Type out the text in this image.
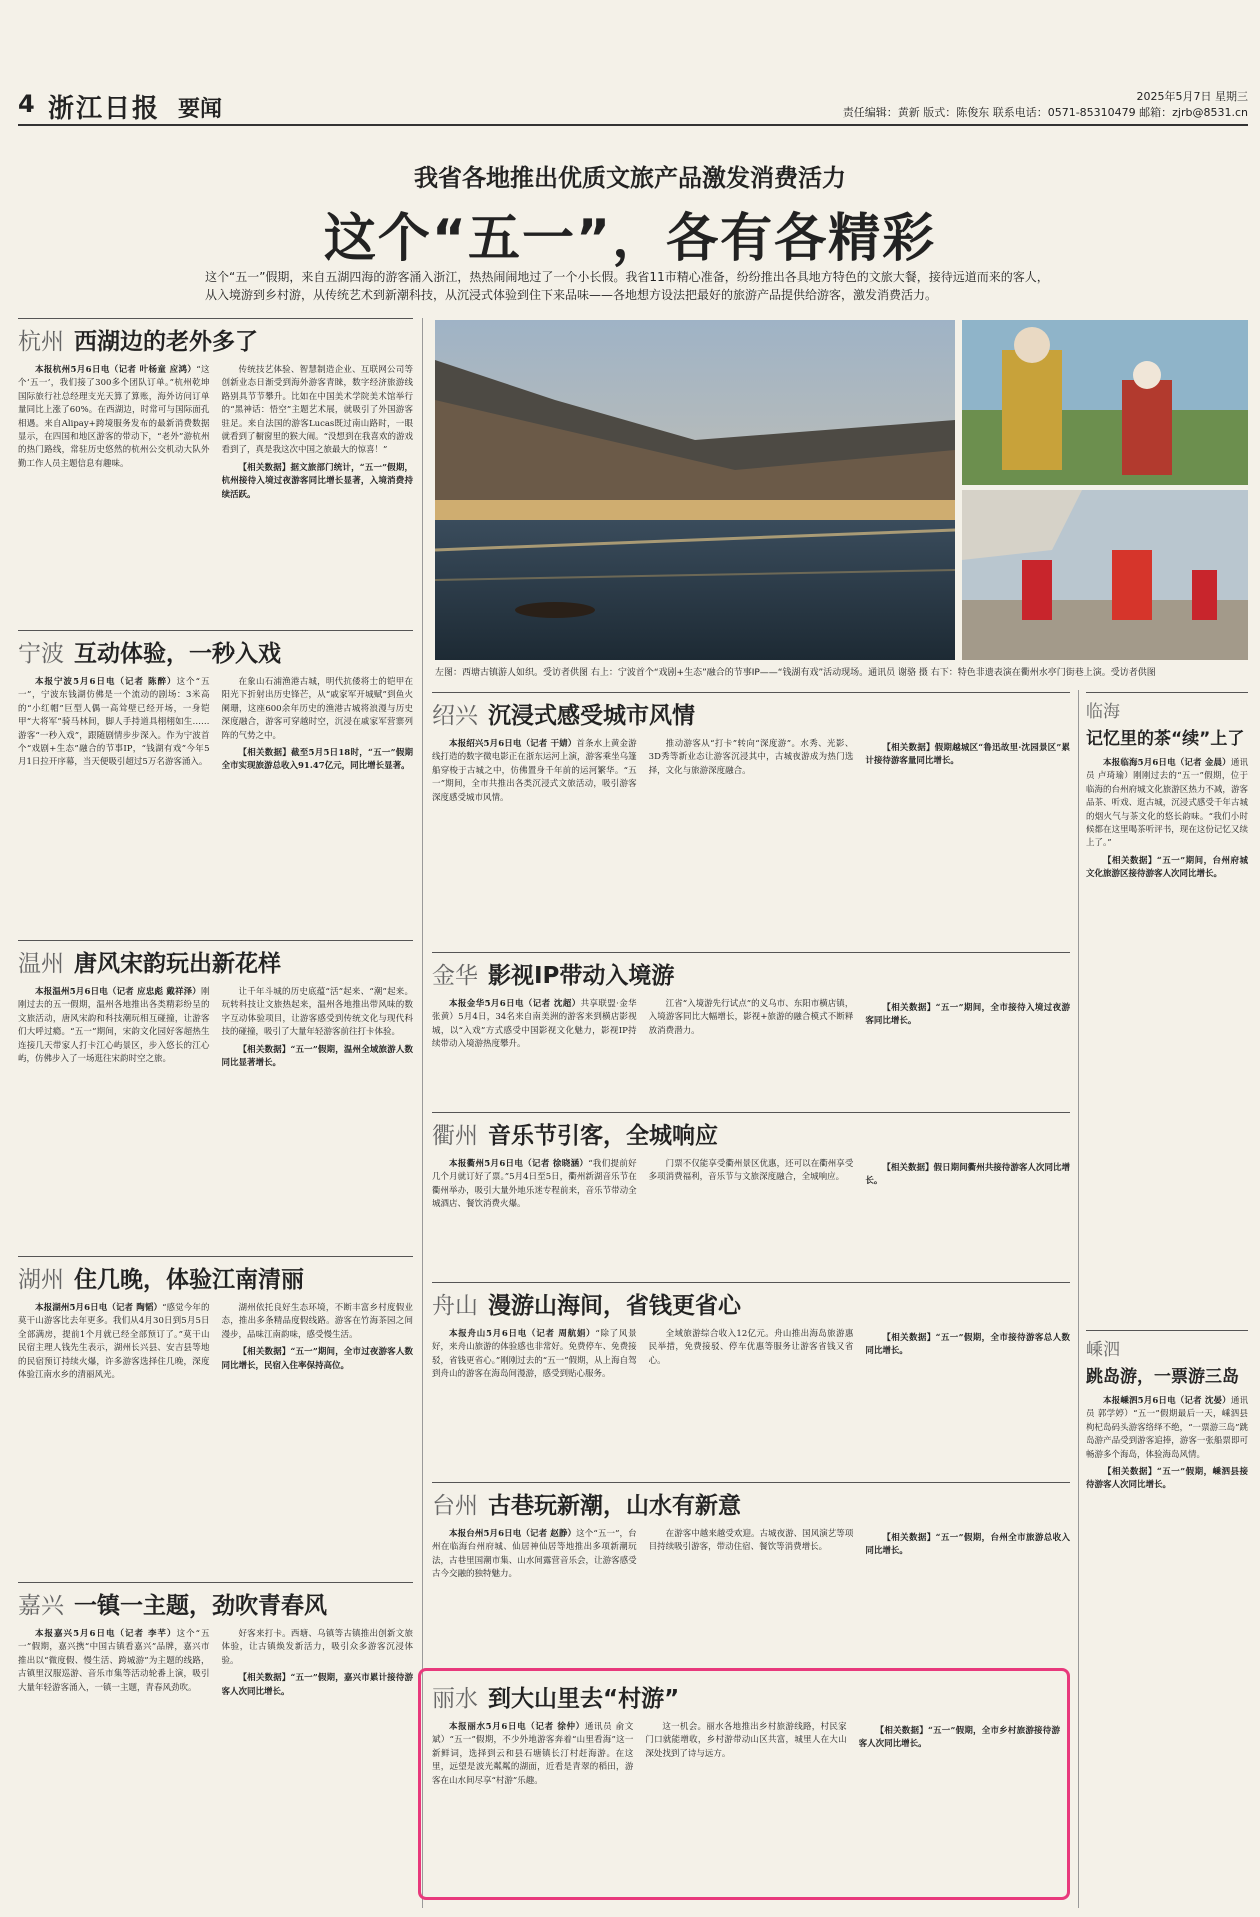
4 浙江日报 要闻
2025年5月7日 星期三
责任编辑：黄新 版式：陈俊东 联系电话：0571-85310479 邮箱：zjrb@8531.cn
我省各地推出优质文旅产品激发消费活力
这个“五一”，各有各精彩
这个“五一”假期，来自五湖四海的游客涌入浙江，热热闹闹地过了一个小长假。我省11市精心准备，纷纷推出各具地方特色的文旅大餐，接待远道而来的客人，从入境游到乡村游，从传统艺术到新潮科技，从沉浸式体验到住下来品味——各地想方设法把最好的旅游产品提供给游客，激发消费活力。
左图：西塘古镇游人如织。受访者供图 右上：宁波首个“戏剧+生态”融合的节事IP——“钱湖有戏”活动现场。通讯员 谢骆 摄 右下：特色非遗表演在衢州水亭门街巷上演。受访者供图
杭州 西湖边的老外多了

本报杭州5月6日电（记者 叶杨童 应鸿）“这个‘五一’，我们接了300多个团队订单。”杭州乾坤国际旅行社总经理支光天算了算账，海外访问订单量同比上涨了60%。在西湖边，时常可与国际面孔相遇。来自Alipay+跨境服务发布的最新消费数据显示，在四国和地区游客的带动下，“老外”游杭州的热门路线，常驻历史悠然的杭州公交机动大队外勤工作人员主题信息有趣味。

传统技艺体验、智慧制造企业、互联网公司等创新业态日渐受到海外游客青睐，数字经济旅游线路别具节节攀升。比如在中国美术学院美术馆举行的“黑神话：悟空”主题艺术展，就吸引了外国游客驻足。来自法国的游客Lucas既过南山路时，一眼就看到了橱窗里的猴大闹。“没想到在我喜欢的游戏看到了，真是我这次中国之旅最大的惊喜！”

【相关数据】据文旅部门统计，“五一”假期，杭州接待入境过夜游客同比增长显著，入境消费持续活跃。

宁波 互动体验，一秒入戏

本报宁波5月6日电（记者 陈醉）这个“五一”，宁波东钱湖仿佛是一个流动的剧场：3米高的“小红帽”巨型人偶一高耸壁已经开场，一身铠甲“大将军”骑马林间，脚人手持道具栩栩如生……游客“一秒入戏”，跟随剧情步步深入。作为宁波首个“戏剧+生态”融合的节事IP，“钱湖有戏”今年5月1日拉开序幕，当天便吸引超过5万名游客涌入。

在象山石浦渔港古城，明代抗倭将士的铠甲在阳光下折射出历史锋芒，从“戚家军开城赋”到鱼火阑珊，这座600余年历史的渔港古城将浪漫与历史深度融合，游客可穿越时空，沉浸在戚家军营寨列阵的气势之中。

【相关数据】截至5月5日18时，“五一”假期全市实现旅游总收入91.47亿元，同比增长显著。

温州 唐风宋韵玩出新花样

本报温州5月6日电（记者 应忠彪 戴祥泽）刚刚过去的五一假期，温州各地推出各类精彩纷呈的文旅活动，唐风宋韵和科技潮玩相互碰撞，让游客们大呼过瘾。“五一”期间，宋韵文化园好客超热生连接几天带家人打卡江心屿景区，步入悠长的江心屿，仿佛步入了一场逛往宋韵时空之旅。

让千年斗城的历史底蕴“活”起来、“潮”起来。玩转科技让文旅热起来，温州各地推出带风味的数字互动体验项目，让游客感受到传统文化与现代科技的碰撞，吸引了大量年轻游客前往打卡体验。

【相关数据】“五一”假期，温州全域旅游人数同比显著增长。

湖州 住几晚，体验江南清丽

本报湖州5月6日电（记者 陶韬）“感觉今年的莫干山游客比去年更多。我们从4月30日到5月5日全部满房，提前1个月就已经全部预订了。”莫干山民宿主理人钱先生表示，湖州长兴县、安吉县等地的民宿预订持续火爆，许多游客选择住几晚，深度体验江南水乡的清丽风光。

湖州依托良好生态环境，不断丰富乡村度假业态，推出多条精品度假线路。游客在竹海茶园之间漫步，品味江南韵味，感受慢生活。

【相关数据】“五一”期间，全市过夜游客人数同比增长，民宿入住率保持高位。

嘉兴 一镇一主题，劲吹青春风

本报嘉兴5月6日电（记者 李芊）这个“五一”假期，嘉兴携“中国古镇看嘉兴”品牌，嘉兴市推出以“微度假、慢生活、跨城游”为主题的线路，古镇里汉服巡游、音乐市集等活动轮番上演，吸引大量年轻游客涌入，一镇一主题，青春风劲吹。

好客来打卡。西塘、乌镇等古镇推出创新文旅体验，让古镇焕发新活力，吸引众多游客沉浸体验。

【相关数据】“五一”假期，嘉兴市累计接待游客人次同比增长。

绍兴 沉浸式感受城市风情

本报绍兴5月6日电（记者 干婧）首条水上黄金游线打造的数字微电影正在浙东运河上演，游客乘坐乌篷船穿梭于古城之中，仿佛置身千年前的运河繁华。“五一”期间，全市共推出各类沉浸式文旅活动，吸引游客深度感受城市风情。

推动游客从“打卡”转向“深度游”。水秀、光影、3D秀等新业态让游客沉浸其中，古城夜游成为热门选择，文化与旅游深度融合。

【相关数据】假期越城区“鲁迅故里·沈园景区”累计接待游客量同比增长。

金华 影视IP带动入境游

本报金华5月6日电（记者 沈超）共享联盟·金华 张黄）5月4日，34名来自南美洲的游客来到横店影视城，以“入戏”方式感受中国影视文化魅力，影视IP持续带动入境游热度攀升。

江省“入境游先行试点”的义乌市、东阳市横店镇，入境游客同比大幅增长，影视+旅游的融合模式不断释放消费潜力。

【相关数据】“五一”期间，全市接待入境过夜游客同比增长。

衢州 音乐节引客，全城响应

本报衢州5月6日电（记者 徐晓涵）“我们提前好几个月就订好了票。”5月4日至5日，衢州新湖音乐节在衢州举办，吸引大量外地乐迷专程前来，音乐节带动全城酒店、餐饮消费火爆。

门票不仅能享受衢州景区优惠，还可以在衢州享受多项消费福利，音乐节与文旅深度融合，全城响应。

【相关数据】假日期间衢州共接待游客人次同比增长。

舟山 漫游山海间，省钱更省心

本报舟山5月6日电（记者 周航娟）“除了风景好，来舟山旅游的体验感也非常好。免费停车、免费接驳，省钱更省心。”刚刚过去的“五一”假期，从上海自驾到舟山的游客在海岛间漫游，感受到贴心服务。

全域旅游综合收入12亿元。舟山推出海岛旅游惠民举措，免费接驳、停车优惠等服务让游客省钱又省心。

【相关数据】“五一”假期，全市接待游客总人数同比增长。

台州 古巷玩新潮，山水有新意

本报台州5月6日电（记者 赵静）这个“五一”，台州在临海台州府城、仙居神仙居等地推出多项新潮玩法，古巷里国潮市集、山水间露营音乐会，让游客感受古今交融的独特魅力。

在游客中越来越受欢迎。古城夜游、国风演艺等项目持续吸引游客，带动住宿、餐饮等消费增长。

【相关数据】“五一”假期，台州全市旅游总收入同比增长。

丽水 到大山里去“村游”

本报丽水5月6日电（记者 徐仲）通讯员 俞文斌）“五一”假期，不少外地游客奔着“山里看海”这一新鲜词，选择到云和县石塘镇长汀村赶海游。在这里，远望是波光粼粼的湖面，近看是青翠的稻田，游客在山水间尽享“村游”乐趣。

这一机会。丽水各地推出乡村旅游线路，村民家门口就能增收，乡村游带动山区共富，城里人在大山深处找到了诗与远方。

【相关数据】“五一”假期，全市乡村旅游接待游客人次同比增长。

临海
记忆里的茶“续”上了

本报临海5月6日电（记者 金晨）通讯员 卢琦瑜）刚刚过去的“五一”假期，位于临海的台州府城文化旅游区热力不减，游客品茶、听戏、逛古城，沉浸式感受千年古城的烟火气与茶文化的悠长韵味。“我们小时候都在这里喝茶听评书，现在这份记忆又续上了。”

【相关数据】“五一”期间，台州府城文化旅游区接待游客人次同比增长。

嵊泗
跳岛游，一票游三岛

本报嵊泗5月6日电（记者 沈晏）通讯员 郭学婷）“五一”假期最后一天，嵊泗县枸杞岛码头游客络绎不绝，“一票游三岛”跳岛游产品受到游客追捧，游客一张船票即可畅游多个海岛，体验海岛风情。

【相关数据】“五一”假期，嵊泗县接待游客人次同比增长。
